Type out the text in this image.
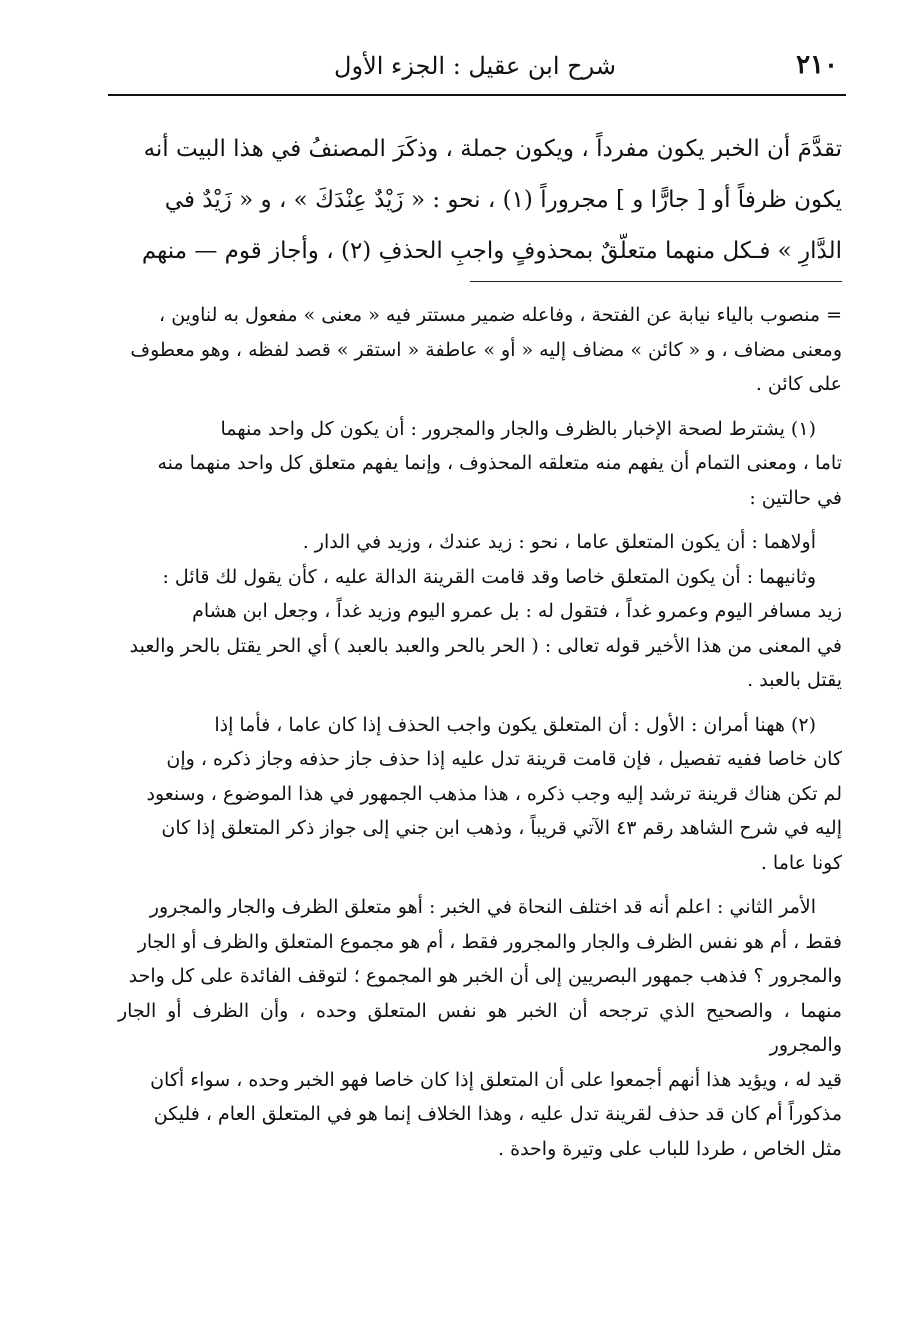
٢١٠
شرح ابن عقيل : الجزء الأول

تقدَّمَ أن الخبر يكون مفرداً ، ويكون جملة ، وذكَرَ المصنفُ في هذا البيت أنه

يكون ظرفاً أو [ جارًّا و ] مجروراً (١) ، نحو : « زَيْدٌ عِنْدَكَ » ، و « زَيْدٌ في

الدَّارِ » فـكل منهما متعلّقٌ بمحذوفٍ واجبِ الحذفِ (٢) ، وأجاز قوم — منهم

= منصوب بالياء نيابة عن الفتحة ، وفاعله ضمير مستتر فيه « معنى » مفعول به لناوين ،

ومعنى مضاف ، و « كائن » مضاف إليه « أو » عاطفة « استقر » قصد لفظه ، وهو معطوف

على كائن .

(١) يشترط لصحة الإخبار بالظرف والجار والمجرور : أن يكون كل واحد منهما

تاما ، ومعنى التمام أن يفهم منه متعلقه المحذوف ، وإنما يفهم متعلق كل واحد منهما منه

في حالتين :

أولاهما : أن يكون المتعلق عاما ، نحو : زيد عندك ، وزيد في الدار .

وثانيهما : أن يكون المتعلق خاصا وقد قامت القرينة الدالة عليه ، كأن يقول لك قائل :

زيد مسافر اليوم وعمرو غداً ، فتقول له : بل عمرو اليوم وزيد غداً ، وجعل ابن هشام

في المعنى من هذا الأخير قوله تعالى : ( الحر بالحر والعبد بالعبد ) أي الحر يقتل بالحر والعبد

يقتل بالعبد .

(٢) ههنا أمران : الأول : أن المتعلق يكون واجب الحذف إذا كان عاما ، فأما إذا

كان خاصا ففيه تفصيل ، فإن قامت قرينة تدل عليه إذا حذف جاز حذفه وجاز ذكره ، وإن

لم تكن هناك قرينة ترشد إليه وجب ذكره ، هذا مذهب الجمهور في هذا الموضوع ، وسنعود

إليه في شرح الشاهد رقم ٤٣ الآتي قريباً ، وذهب ابن جني إلى جواز ذكر المتعلق إذا كان

كونا عاما .

الأمر الثاني : اعلم أنه قد اختلف النحاة في الخبر : أهو متعلق الظرف والجار والمجرور

فقط ، أم هو نفس الظرف والجار والمجرور فقط ، أم هو مجموع المتعلق والظرف أو الجار

والمجرور ؟ فذهب جمهور البصريين إلى أن الخبر هو المجموع ؛ لتوقف الفائدة على كل واحد

منهما ، والصحيح الذي ترجحه أن الخبر هو نفس المتعلق وحده ، وأن الظرف أو الجار والمجرور

قيد له ، ويؤيد هذا أنهم أجمعوا على أن المتعلق إذا كان خاصا فهو الخبر وحده ، سواء أكان

مذكوراً أم كان قد حذف لقرينة تدل عليه ، وهذا الخلاف إنما هو في المتعلق العام ، فليكن

مثل الخاص ، طردا للباب على وتيرة واحدة .
